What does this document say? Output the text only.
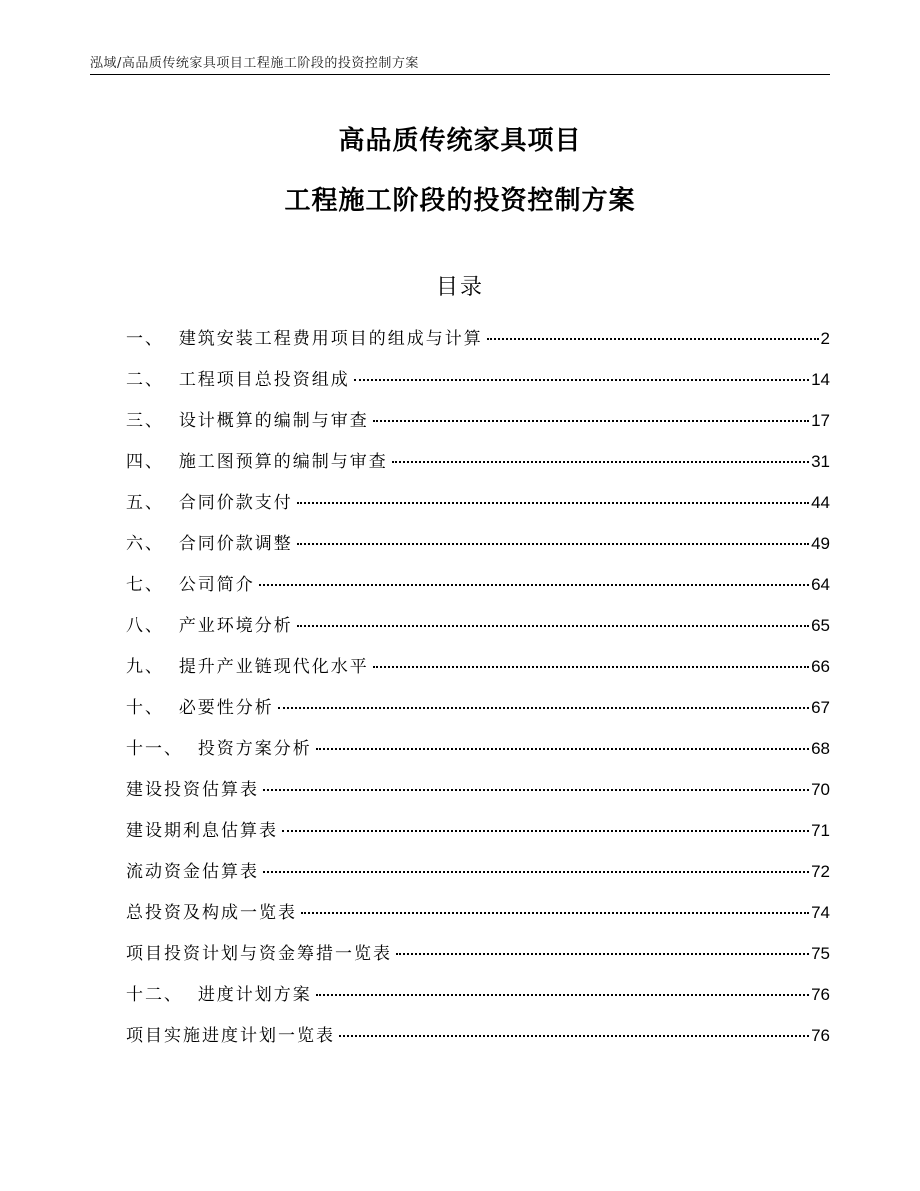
泓域/高品质传统家具项目工程施工阶段的投资控制方案
高品质传统家具项目
工程施工阶段的投资控制方案
目录
一、 建筑安装工程费用项目的组成与计算	2
二、 工程项目总投资组成	14
三、 设计概算的编制与审查	17
四、 施工图预算的编制与审查	31
五、 合同价款支付	44
六、 合同价款调整	49
七、 公司简介	64
八、 产业环境分析	65
九、 提升产业链现代化水平	66
十、 必要性分析	67
十一、 投资方案分析	68
建设投资估算表	70
建设期利息估算表	71
流动资金估算表	72
总投资及构成一览表	74
项目投资计划与资金筹措一览表	75
十二、 进度计划方案	76
项目实施进度计划一览表	76
